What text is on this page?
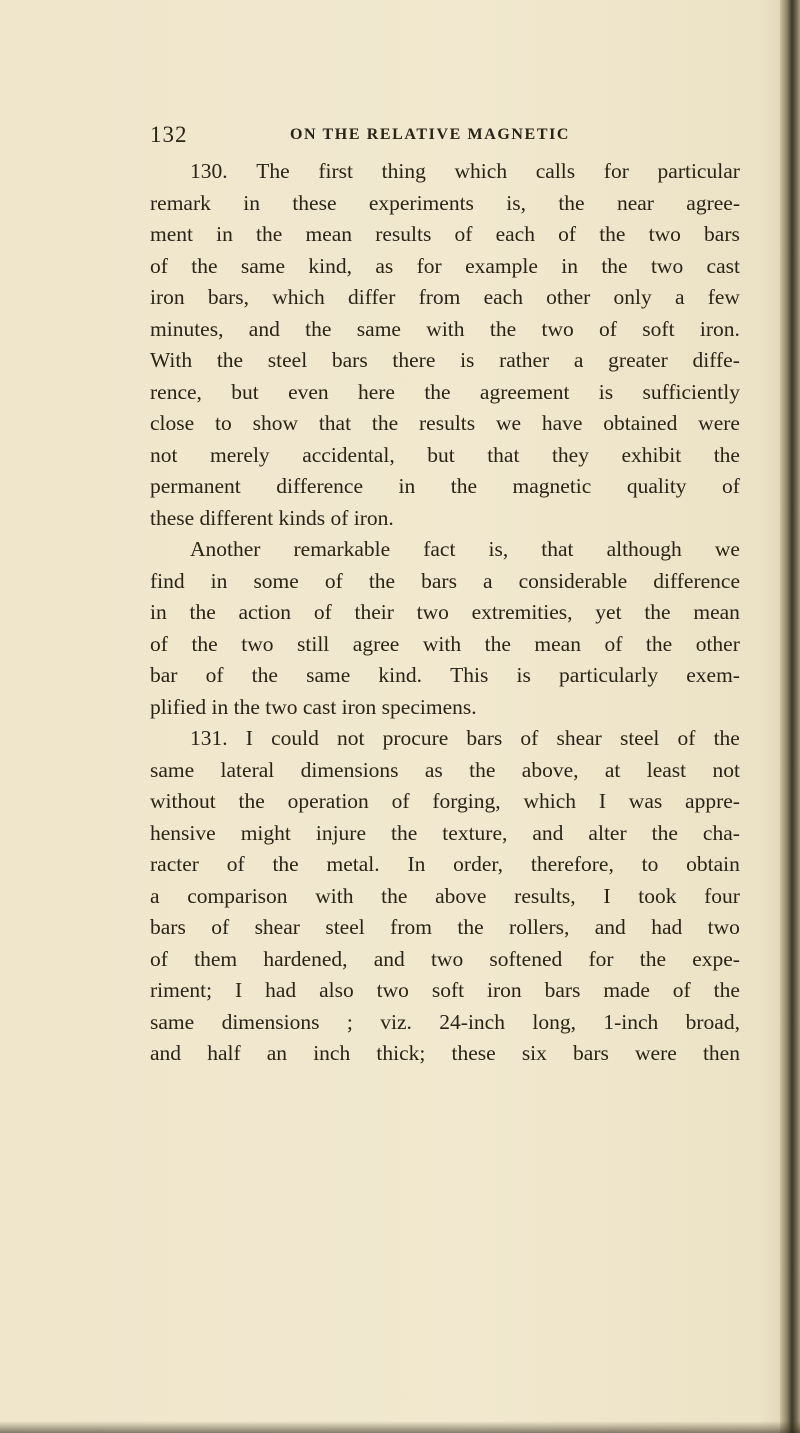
132	ON THE RELATIVE MAGNETIC
130. The first thing which calls for particular
remark in these experiments is, the near agree-
ment in the mean results of each of the two bars
of the same kind, as for example in the two cast
iron bars, which differ from each other only a few
minutes, and the same with the two of soft iron.
With the steel bars there is rather a greater diffe-
rence, but even here the agreement is sufficiently
close to show that the results we have obtained were
not merely accidental, but that they exhibit the
permanent difference in the magnetic quality of
these different kinds of iron.
Another remarkable fact is, that although we
find in some of the bars a considerable difference
in the action of their two extremities, yet the mean
of the two still agree with the mean of the other
bar of the same kind. This is particularly exem-
plified in the two cast iron specimens.
131. I could not procure bars of shear steel of the
same lateral dimensions as the above, at least not
without the operation of forging, which I was appre-
hensive might injure the texture, and alter the cha-
racter of the metal. In order, therefore, to obtain
a comparison with the above results, I took four
bars of shear steel from the rollers, and had two
of them hardened, and two softened for the expe-
riment; I had also two soft iron bars made of the
same dimensions ; viz. 24-inch long, 1-inch broad,
and half an inch thick; these six bars were then
